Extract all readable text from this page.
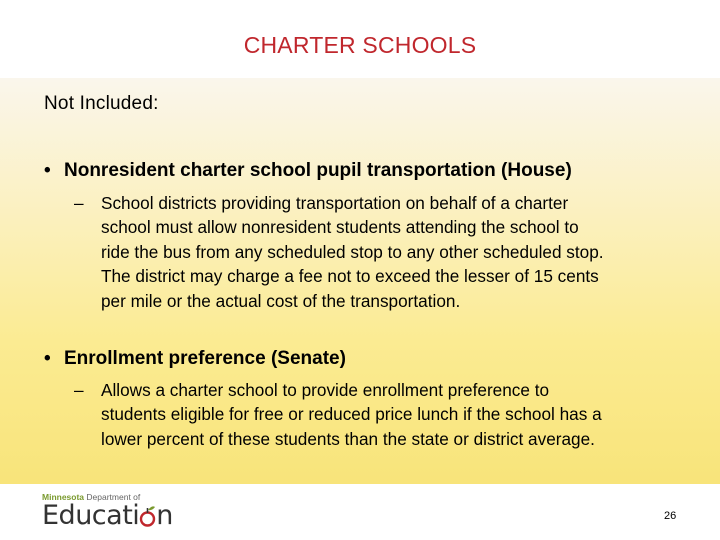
CHARTER SCHOOLS
Not Included:
• Nonresident charter school pupil transportation (House)
–	School districts providing transportation on behalf of a charter
school must allow nonresident students attending the school to
ride the bus from any scheduled stop to any other scheduled stop.
The district may charge a fee not to exceed the lesser of 15 cents
per mile or the actual cost of the transportation.
• Enrollment preference (Senate)
–	Allows a charter school to provide enrollment preference to
students eligible for free or reduced price lunch if the school has a
lower percent of these students than the state or district average.
Minnesota Department of
Educati n	26
